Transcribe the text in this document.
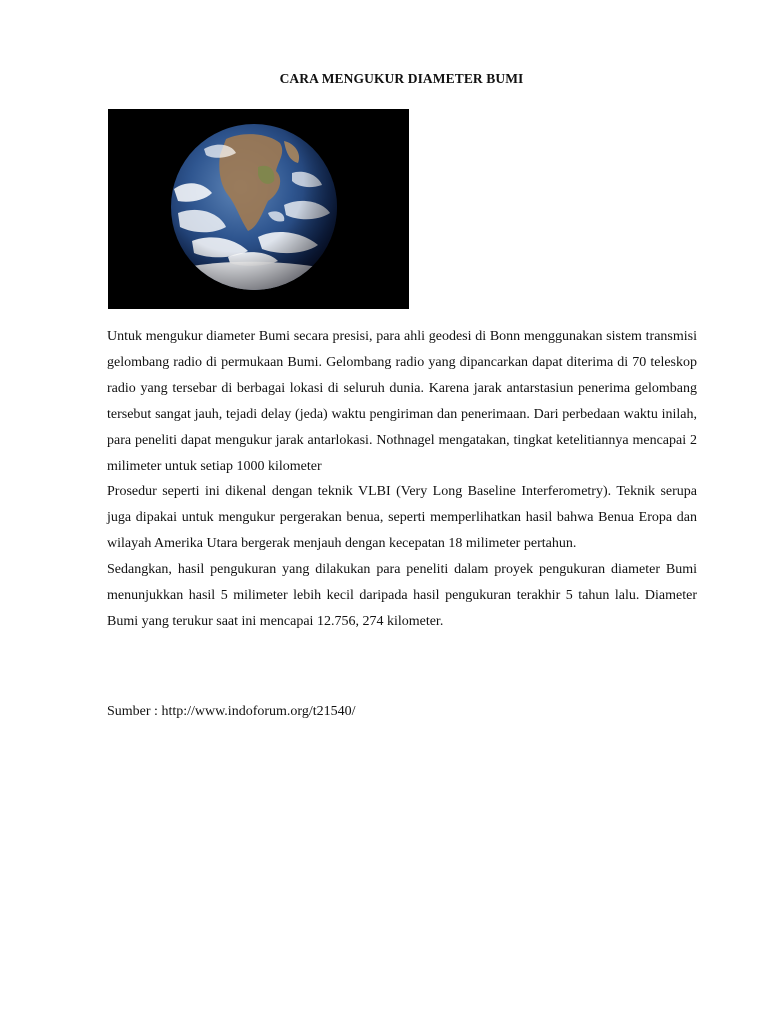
CARA MENGUKUR DIAMETER BUMI

Untuk mengukur diameter Bumi secara presisi, para ahli geodesi di Bonn menggunakan sistem transmisi gelombang radio di permukaan Bumi. Gelombang radio yang dipancarkan dapat diterima di 70 teleskop radio yang tersebar di berbagai lokasi di seluruh dunia. Karena jarak antarstasiun penerima gelombang tersebut sangat jauh, tejadi delay (jeda) waktu pengiriman dan penerimaan. Dari perbedaan waktu inilah, para peneliti dapat mengukur jarak antarlokasi. Nothnagel mengatakan, tingkat ketelitiannya mencapai 2 milimeter untuk setiap 1000 kilometer

Prosedur seperti ini dikenal dengan teknik VLBI (Very Long Baseline Interferometry). Teknik serupa juga dipakai untuk mengukur pergerakan benua, seperti memperlihatkan hasil bahwa Benua Eropa dan wilayah Amerika Utara bergerak menjauh dengan kecepatan 18 milimeter pertahun.

Sedangkan, hasil pengukuran yang dilakukan para peneliti dalam proyek pengukuran diameter Bumi menunjukkan hasil 5 milimeter lebih kecil daripada hasil pengukuran terakhir 5 tahun lalu. Diameter Bumi yang terukur saat ini mencapai 12.756, 274 kilometer.

Sumber : http://www.indoforum.org/t21540/
